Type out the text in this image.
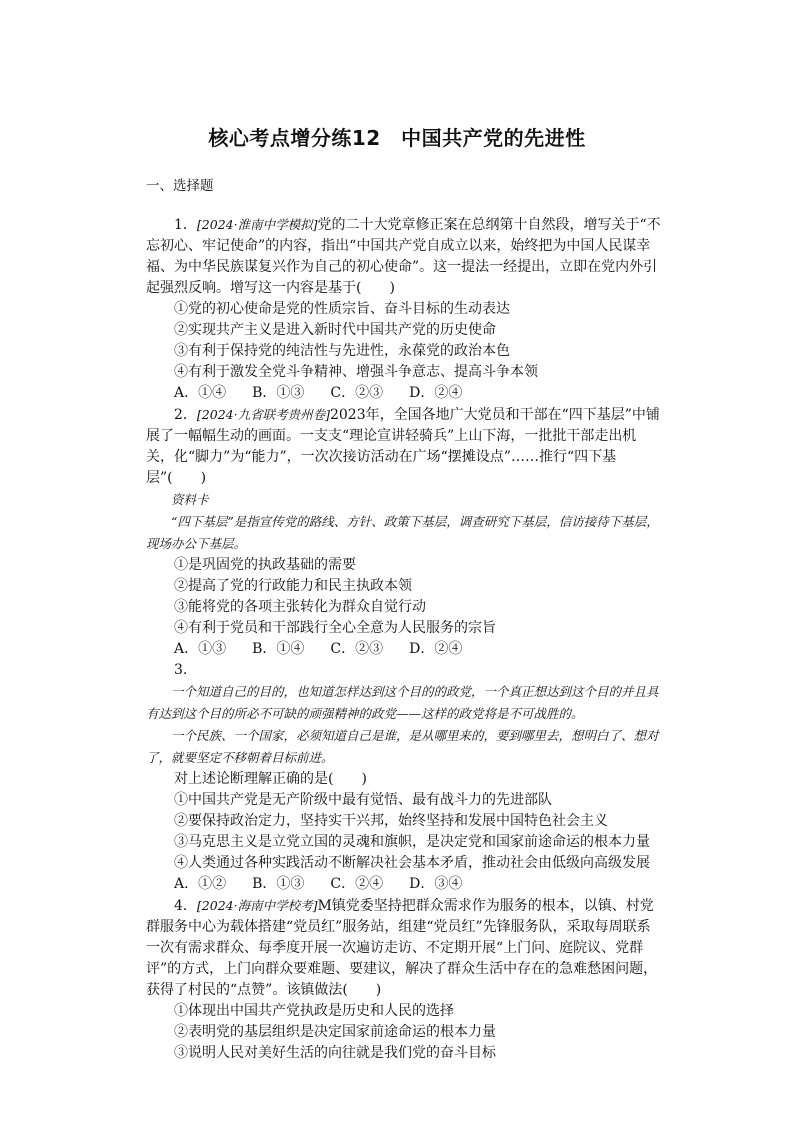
核心考点增分练12　中国共产党的先进性
一、选择题

1．[2024·淮南中学模拟]党的二十大党章修正案在总纲第十自然段，增写关于“不忘初心、牢记使命”的内容，指出“中国共产党自成立以来，始终把为中国人民谋幸福、为中华民族谋复兴作为自己的初心使命”。这一提法一经提出，立即在党内外引起强烈反响。增写这一内容是基于(　　)

①党的初心使命是党的性质宗旨、奋斗目标的生动表达

②实现共产主义是进入新时代中国共产党的历史使命

③有利于保持党的纯洁性与先进性，永葆党的政治本色

④有利于激发全党斗争精神、增强斗争意志、提高斗争本领

A．①④ B．①③ C．②③ D．②④

2．[2024·九省联考贵州卷]2023年，全国各地广大党员和干部在“四下基层”中铺展了一幅幅生动的画面。一支支“理论宣讲轻骑兵”上山下海，一批批干部走出机关，化“脚力”为“能力”，一次次接访活动在广场“摆摊设点”……推行“四下基层”(　　)

资料卡

“四下基层”是指宣传党的路线、方针、政策下基层，调查研究下基层，信访接待下基层，现场办公下基层。

①是巩固党的执政基础的需要

②提高了党的行政能力和民主执政本领

③能将党的各项主张转化为群众自觉行动

④有利于党员和干部践行全心全意为人民服务的宗旨

A．①③ B．①④ C．②③ D．②④

3.

一个知道自己的目的，也知道怎样达到这个目的的政党，一个真正想达到这个目的并且具有达到这个目的所必不可缺的顽强精神的政党——这样的政党将是不可战胜的。

一个民族、一个国家，必须知道自己是谁，是从哪里来的，要到哪里去，想明白了、想对了，就要坚定不移朝着目标前进。

对上述论断理解正确的是(　　)

①中国共产党是无产阶级中最有觉悟、最有战斗力的先进部队

②要保持政治定力，坚持实干兴邦，始终坚持和发展中国特色社会主义

③马克思主义是立党立国的灵魂和旗帜，是决定党和国家前途命运的根本力量

④人类通过各种实践活动不断解决社会基本矛盾，推动社会由低级向高级发展

A．①② B．①③ C．②④ D．③④

4．[2024·海南中学校考]M镇党委坚持把群众需求作为服务的根本，以镇、村党群服务中心为载体搭建“党员红”服务站，组建“党员红”先锋服务队，采取每周联系一次有需求群众、每季度开展一次遍访走访、不定期开展“上门问、庭院议、党群评”的方式，上门向群众要难题、要建议，解决了群众生活中存在的急难愁困问题，获得了村民的“点赞”。该镇做法(　　)

①体现出中国共产党执政是历史和人民的选择

②表明党的基层组织是决定国家前途命运的根本力量

③说明人民对美好生活的向往就是我们党的奋斗目标
